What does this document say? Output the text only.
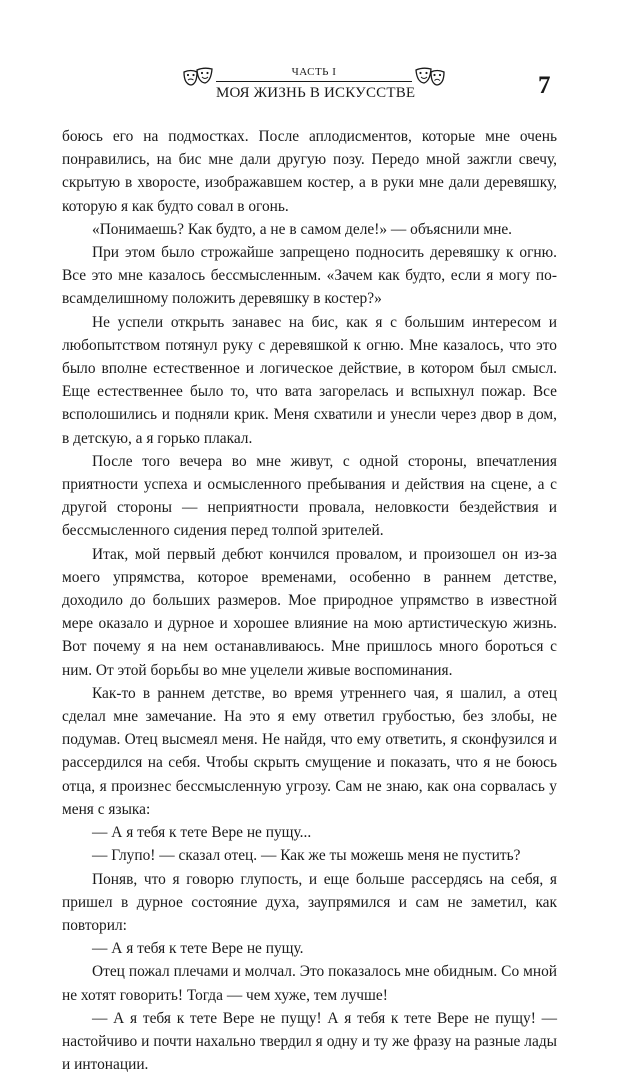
ЧАСТЬ I
МОЯ ЖИЗНЬ В ИСКУССТВЕ	7

боюсь его на подмостках. После аплодисментов, которые мне очень понравились, на бис мне дали другую позу. Передо мной зажгли свечу, скрытую в хворосте, изображавшем костер, а в руки мне дали деревяшку, которую я как будто совал в огонь.

«Понимаешь? Как будто, а не в самом деле!» — объяснили мне.

При этом было строжайше запрещено подносить деревяшку к огню. Все это мне казалось бессмысленным. «Зачем как будто, если я могу по-всамделишному положить деревяшку в костер?»

Не успели открыть занавес на бис, как я с большим интересом и любопытством потянул руку с деревяшкой к огню. Мне казалось, что это было вполне естественное и логическое действие, в котором был смысл. Еще естественнее было то, что вата загорелась и вспыхнул пожар. Все всполошились и подняли крик. Меня схватили и унесли через двор в дом, в детскую, а я горько плакал.

После того вечера во мне живут, с одной стороны, впечатления приятности успеха и осмысленного пребывания и действия на сцене, а с другой стороны — неприятности провала, неловкости бездействия и бессмысленного сидения перед толпой зрителей.

Итак, мой первый дебют кончился провалом, и произошел он из-за моего упрямства, которое временами, особенно в раннем детстве, доходило до больших размеров. Мое природное упрямство в известной мере оказало и дурное и хорошее влияние на мою артистическую жизнь. Вот почему я на нем останавливаюсь. Мне пришлось много бороться с ним. От этой борьбы во мне уцелели живые воспоминания.

Как-то в раннем детстве, во время утреннего чая, я шалил, а отец сделал мне замечание. На это я ему ответил грубостью, без злобы, не подумав. Отец высмеял меня. Не найдя, что ему ответить, я сконфузился и рассердился на себя. Чтобы скрыть смущение и показать, что я не боюсь отца, я произнес бессмысленную угрозу. Сам не знаю, как она сорвалась у меня с языка:

— А я тебя к тете Вере не пущу...

— Глупо! — сказал отец. — Как же ты можешь меня не пустить?

Поняв, что я говорю глупость, и еще больше рассердясь на себя, я пришел в дурное состояние духа, заупрямился и сам не заметил, как повторил:

— А я тебя к тете Вере не пущу.

Отец пожал плечами и молчал. Это показалось мне обидным. Со мной не хотят говорить! Тогда — чем хуже, тем лучше!

— А я тебя к тете Вере не пущу! А я тебя к тете Вере не пущу! — настойчиво и почти нахально твердил я одну и ту же фразу на разные лады и интонации.
